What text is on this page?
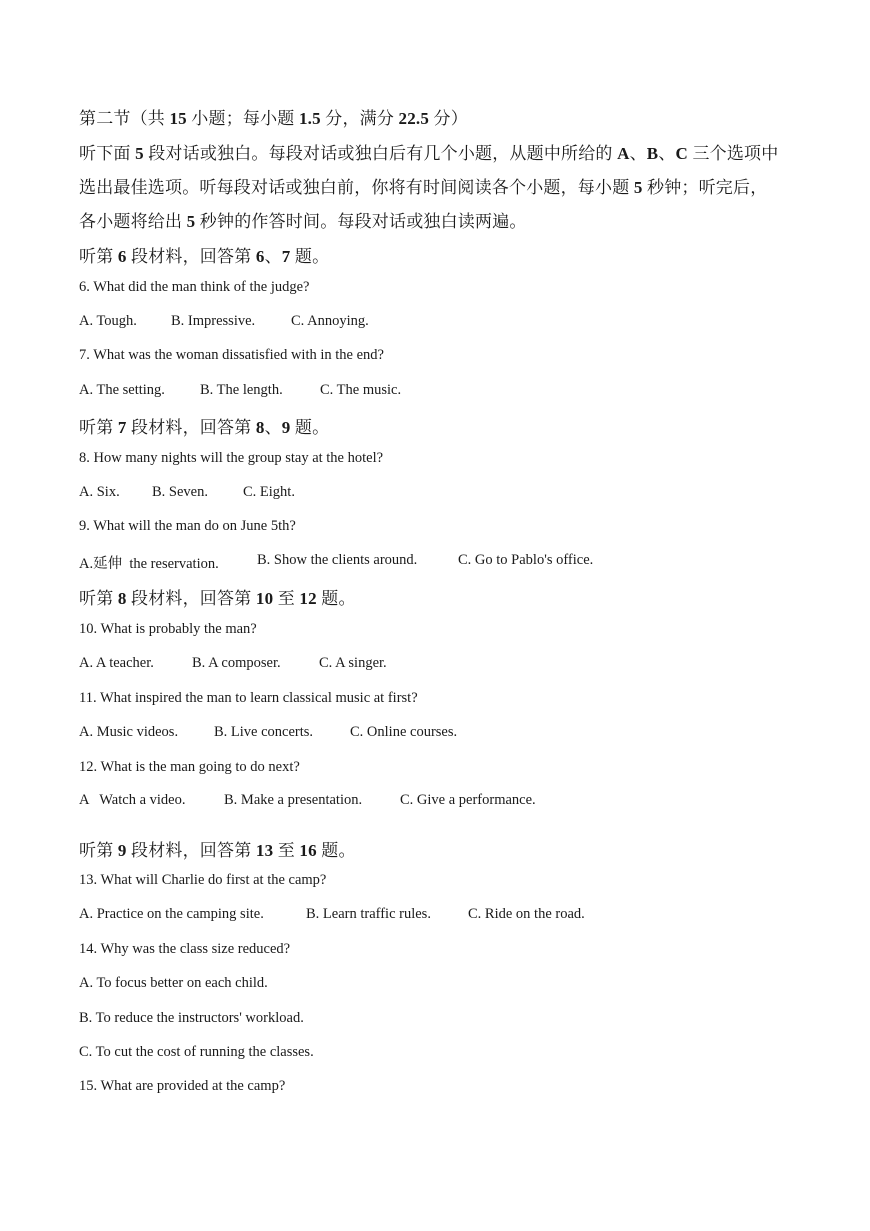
第二节（共 15 小题；每小题 1.5 分，满分 22.5 分）
听下面 5 段对话或独白。每段对话或独白后有几个小题，从题中所给的 A、B、C 三个选项中
选出最佳选项。听每段对话或独白前，你将有时间阅读各个小题，每小题 5 秒钟；听完后，
各小题将给出 5 秒钟的作答时间。每段对话或独白读两遍。
听第 6 段材料，回答第 6、7 题。
6. What did the man think of the judge?
A. Tough. B. Impressive. C. Annoying.
7. What was the woman dissatisfied with in the end?
A. The setting. B. The length.	C. The music.
听第 7 段材料，回答第 8、9 题。
8. How many nights will the group stay at the hotel?
A. Six. B. Seven. C. Eight.
9. What will the man do on June 5th?
A.延伸  the reservation.	B. Show the clients around.	C. Go to Pablo's office.
听第 8 段材料，回答第 10 至 12 题。
10. What is probably the man?
A. A teacher.	B. A composer.	C. A singer.
11. What inspired the man to learn classical music at first?
A. Music videos. B. Live concerts.	C. Online courses.
12. What is the man going to do next?
A   Watch a video.	B. Make a presentation.	C. Give a performance.
听第 9 段材料，回答第 13 至 16 题。
13. What will Charlie do first at the camp?
A. Practice on the camping site.	B. Learn traffic rules.	C. Ride on the road.
14. Why was the class size reduced?
A. To focus better on each child.
B. To reduce the instructors' workload.
C. To cut the cost of running the classes.
15. What are provided at the camp?
